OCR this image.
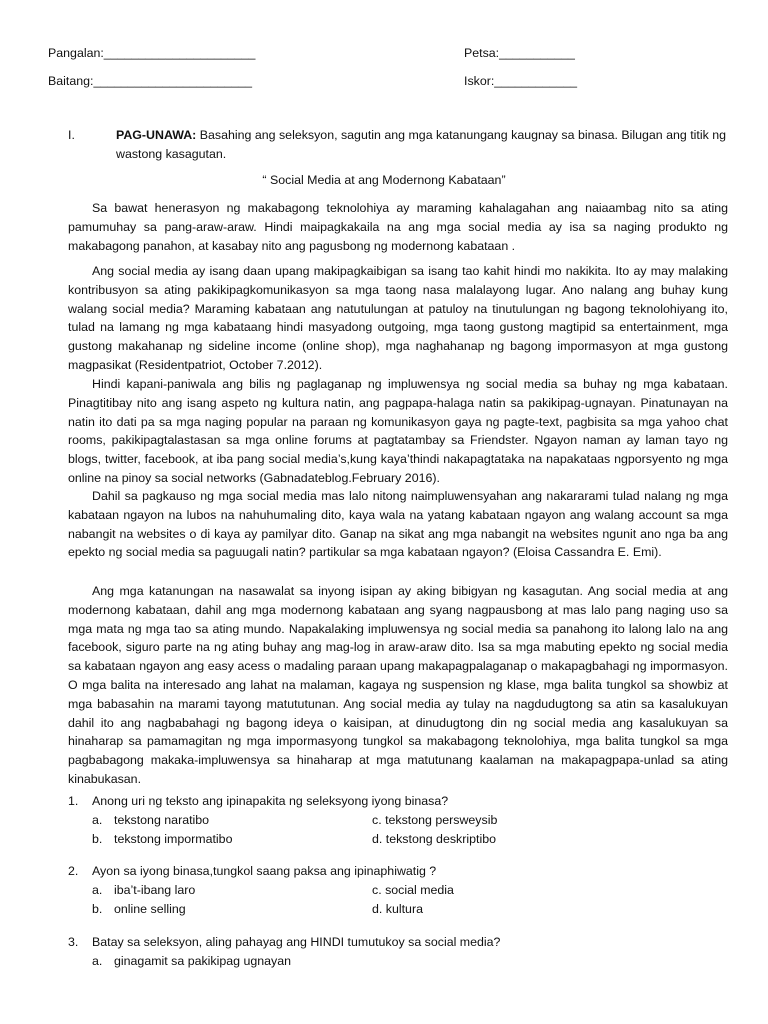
Pangalan:______________________	Petsa:___________
Baitang:_______________________	Iskor:____________
I.	PAG-UNAWA: Basahing ang seleksyon, sagutin ang mga katanungang kaugnay sa binasa. Bilugan ang titik ng wastong kasagutan.
“ Social Media at ang Modernong Kabataan”
Sa bawat henerasyon ng makabagong teknolohiya ay maraming kahalagahan ang naiaambag nito sa ating pamumuhay sa pang-araw-araw. Hindi maipagkakaila na ang mga social media ay isa sa naging produkto ng makabagong panahon, at kasabay nito ang pagusbong ng modernong kabataan .
Ang social media ay isang daan upang makipagkaibigan sa isang tao kahit hindi mo nakikita. Ito ay may malaking kontribusyon sa ating pakikipagkomunikasyon sa mga taong nasa malalayong lugar. Ano nalang ang buhay kung walang social media? Maraming kabataan ang natutulungan at patuloy na tinutulungan ng bagong teknolohiyang ito, tulad na lamang ng mga kabataang hindi masyadong outgoing, mga taong gustong magtipid sa entertainment, mga gustong makahanap ng sideline income (online shop), mga naghahanap ng bagong impormasyon at mga gustong magpasikat (Residentpatriot, October 7.2012).
Hindi kapani-paniwala ang bilis ng paglaganap ng impluwensya ng social media sa buhay ng mga kabataan. Pinagtitibay nito ang isang aspeto ng kultura natin, ang pagpapa-halaga natin sa pakikipag-ugnayan. Pinatunayan na natin ito dati pa sa mga naging popular na paraan ng komunikasyon gaya ng pagte-text, pagbisita sa mga yahoo chat rooms, pakikipagtalastasan sa mga online forums at pagtatambay sa Friendster. Ngayon naman ay laman tayo ng blogs, twitter, facebook, at iba pang social media’s,kung kaya’thindi nakapagtataka na napakataas ngporsyento ng mga online na pinoy sa social networks (Gabnadateblog.February 2016).
Dahil sa pagkauso ng mga social media mas lalo nitong naimpluwensyahan ang nakararami tulad nalang ng mga kabataan ngayon na lubos na nahuhumaling dito, kaya wala na yatang kabataan ngayon ang walang account sa mga nabangit na websites o di kaya ay pamilyar dito. Ganap na sikat ang mga nabangit na websites ngunit ano nga ba ang epekto ng social media sa paguugali natin? partikular sa mga kabataan ngayon? (Eloisa Cassandra E. Emi).
Ang mga katanungan na nasawalat sa inyong isipan ay aking bibigyan ng kasagutan. Ang social media at ang modernong kabataan, dahil ang mga modernong kabataan ang syang nagpausbong at mas lalo pang naging uso sa mga mata ng mga tao sa ating mundo. Napakalaking impluwensya ng social media sa panahong ito lalong lalo na ang facebook, siguro parte na ng ating buhay ang mag-log in araw-araw dito. Isa sa mga mabuting epekto ng social media sa kabataan ngayon ang easy acess o madaling paraan upang makapagpalaganap o makapagbahagi ng impormasyon. O mga balita na interesado ang lahat na malaman, kagaya ng suspension ng klase, mga balita tungkol sa showbiz at mga babasahin na marami tayong matututunan. Ang social media ay tulay na nagdudugtong sa atin sa kasalukuyan dahil ito ang nagbabahagi ng bagong ideya o kaisipan, at dinudugtong din ng social media ang kasalukuyan sa hinaharap sa pamamagitan ng mga impormasyong tungkol sa makabagong teknolohiya, mga balita tungkol sa mga pagbabagong makaka-impluwensya sa hinaharap at mga matutunang kaalaman na makapagpapa-unlad sa ating kinabukasan.
1. Anong uri ng teksto ang ipinapakita ng seleksyong iyong binasa?
a. tekstong naratibo	c. tekstong persweysib
b. tekstong impormatibo	d. tekstong deskriptibo
2. Ayon sa iyong binasa,tungkol saang paksa ang ipinaphiwatig ?
a. iba’t-ibang laro	c. social media
b. online selling	d. kultura
3. Batay sa seleksyon, aling pahayag ang HINDI tumutukoy sa social media?
a. ginagamit sa pakikipag ugnayan
